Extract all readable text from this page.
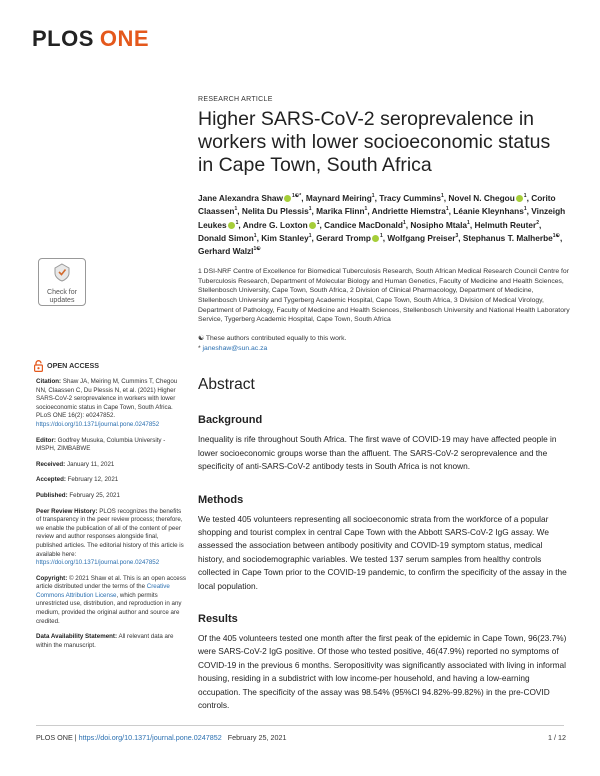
PLOS ONE
Check for
updates
RESEARCH ARTICLE
Higher SARS-CoV-2 seroprevalence in workers with lower socioeconomic status in Cape Town, South Africa
Jane Alexandra Shaw $^{1☯*}$, Maynard Meiring$^1$, Tracy Cummins$^1$, Novel N. Chegou $^1$, Corito Claassen$^1$, Nelita Du Plessis$^1$, Marika Flinn$^1$, Andriette Hiemstra$^1$, Léanie Kleynhans$^1$, Vinzeigh Leukes $^1$, Andre G. Loxton $^1$, Candice MacDonald$^1$, Nosipho Mtala$^1$, Helmuth Reuter$^2$, Donald Simon$^1$, Kim Stanley$^1$, Gerard Tromp $^1$, Wolfgang Preiser$^3$, Stephanus T. Malherbe$^{1☯}$, Gerhard Walzl$^{1☯}$
1 DSI-NRF Centre of Excellence for Biomedical Tuberculosis Research, South African Medical Research Council Centre for Tuberculosis Research, Department of Molecular Biology and Human Genetics, Faculty of Medicine and Health Sciences, Stellenbosch University, Cape Town, South Africa, 2 Division of Clinical Pharmacology, Department of Medicine, Stellenbosch University and Tygerberg Academic Hospital, Cape Town, South Africa, 3 Division of Medical Virology, Department of Pathology, Faculty of Medicine and Health Sciences, Stellenbosch University and National Health Laboratory Service, Tygerberg Academic Hospital, Cape Town, South Africa
☯ These authors contributed equally to this work.
* janeshaw@sun.ac.za
Abstract
Background
Inequality is rife throughout South Africa. The first wave of COVID-19 may have affected people in lower socioeconomic groups worse than the affluent. The SARS-CoV-2 seroprevalence and the specificity of anti-SARS-CoV-2 antibody tests in South Africa is not known.
Methods
We tested 405 volunteers representing all socioeconomic strata from the workforce of a popular shopping and tourist complex in central Cape Town with the Abbott SARS-CoV-2 IgG assay. We assessed the association between antibody positivity and COVID-19 symptom status, medical history, and sociodemographic variables. We tested 137 serum samples from healthy controls collected in Cape Town prior to the COVID-19 pandemic, to confirm the specificity of the assay in the local population.
Results
Of the 405 volunteers tested one month after the first peak of the epidemic in Cape Town, 96(23.7%) were SARS-CoV-2 IgG positive. Of those who tested positive, 46(47.9%) reported no symptoms of COVID-19 in the previous 6 months. Seropositivity was significantly associated with living in informal housing, residing in a subdistrict with low income-per household, and having a low-earning occupation. The specificity of the assay was 98.54% (95%CI 94.82%-99.82%) in the pre-COVID controls.
OPEN ACCESS

Citation: Shaw JA, Meiring M, Cummins T, Chegou NN, Claassen C, Du Plessis N, et al. (2021) Higher SARS-CoV-2 seroprevalence in workers with lower socioeconomic status in Cape Town, South Africa. PLoS ONE 16(2): e0247852. https://doi.org/10.1371/journal.pone.0247852

Editor: Godfrey Musuka, Columbia University - MSPH, ZIMBABWE

Received: January 11, 2021

Accepted: February 12, 2021

Published: February 25, 2021

Peer Review History: PLOS recognizes the benefits of transparency in the peer review process; therefore, we enable the publication of all of the content of peer review and author responses alongside final, published articles. The editorial history of this article is available here: https://doi.org/10.1371/journal.pone.0247852

Copyright: © 2021 Shaw et al. This is an open access article distributed under the terms of the Creative Commons Attribution License, which permits unrestricted use, distribution, and reproduction in any medium, provided the original author and source are credited.

Data Availability Statement: All relevant data are within the manuscript.

PLOS ONE | https://doi.org/10.1371/journal.pone.0247852 February 25, 2021	1 / 12
